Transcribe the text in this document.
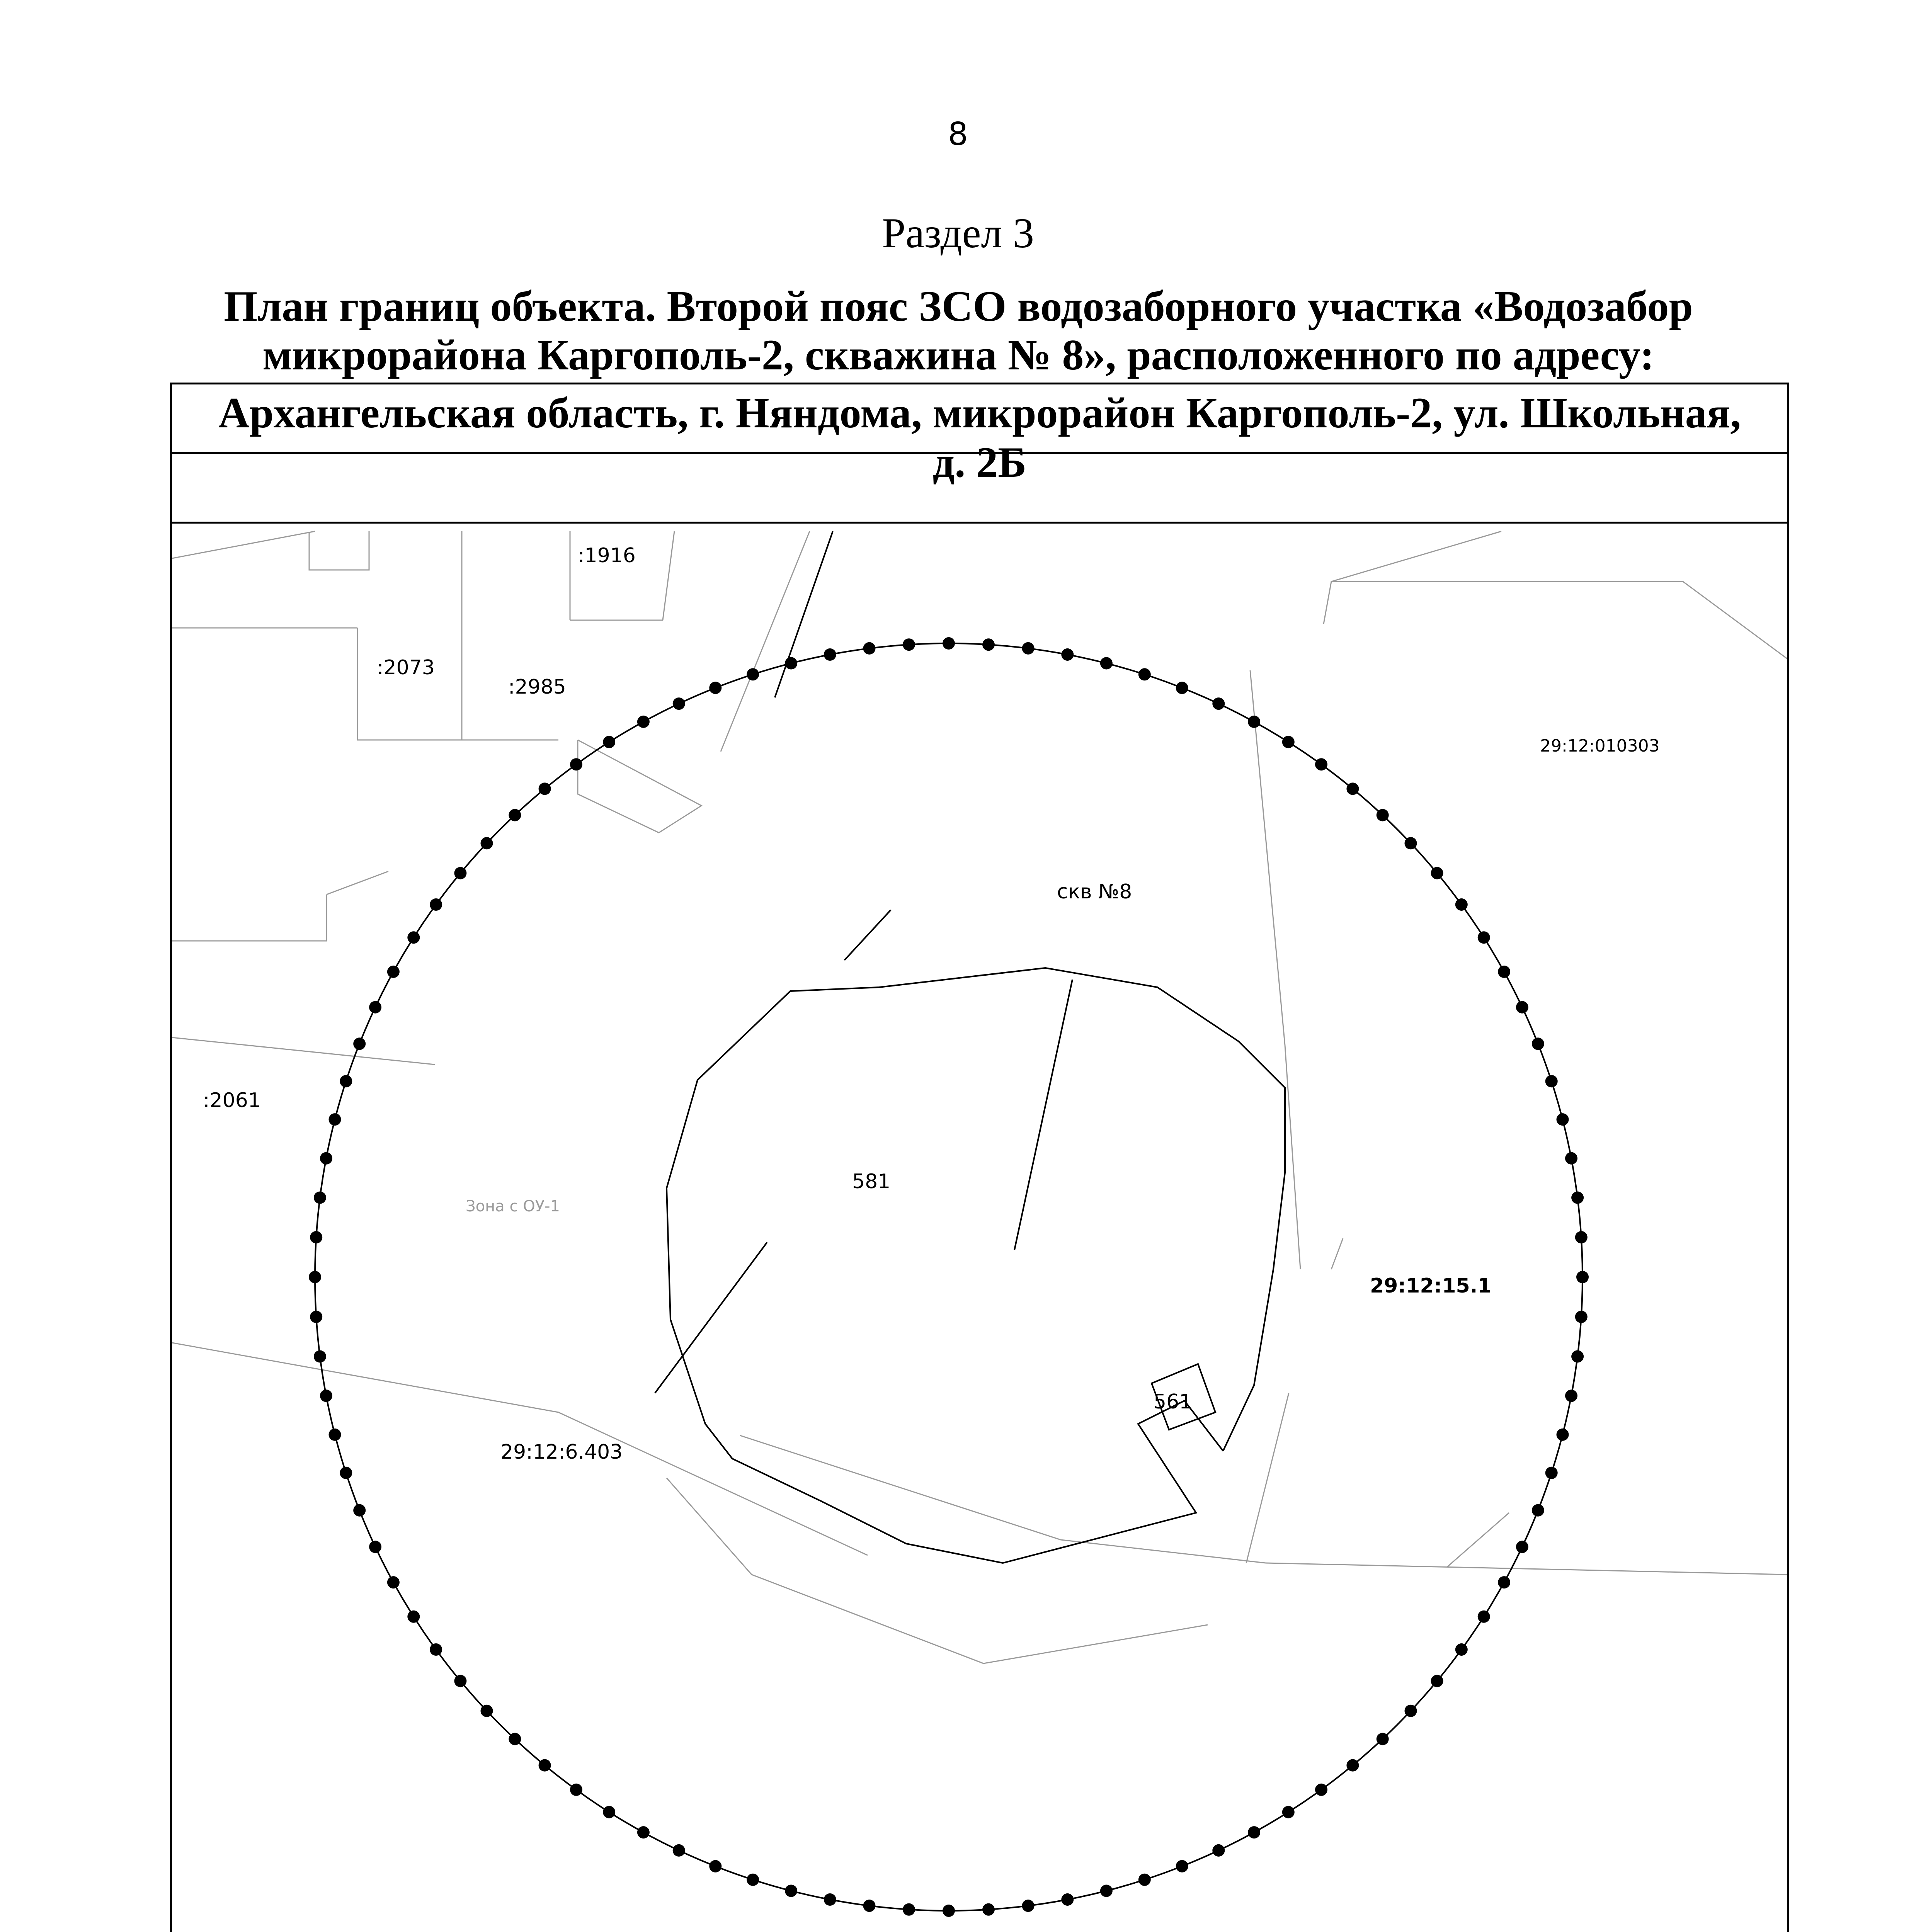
8
Раздел 3
План границ объекта. Второй пояс ЗСО водозаборного участка «Водозабор
микрорайона Каргополь-2, скважина № 8», расположенного по адресу:
Архангельская область, г. Няндома, микрорайон Каргополь-2, ул. Школьная,
д. 2Б
:1916
:2073
:2985
:2061
29:12:010303
скв №8
581
29:12:15.1
561
29:12:6.403
Зона с ОУ-1
